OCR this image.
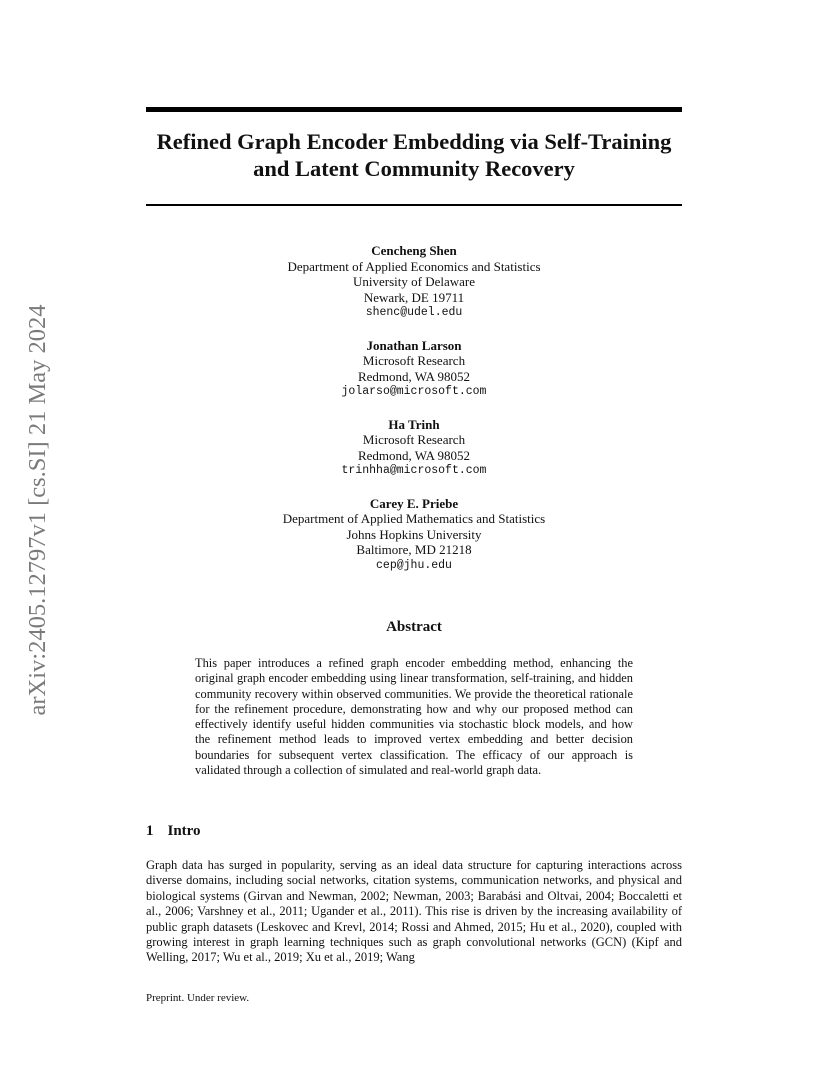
arXiv:2405.12797v1 [cs.SI] 21 May 2024
Refined Graph Encoder Embedding via Self-Training
and Latent Community Recovery
Cencheng Shen
Department of Applied Economics and Statistics
University of Delaware
Newark, DE 19711
shenc@udel.edu
Jonathan Larson
Microsoft Research
Redmond, WA 98052
jolarso@microsoft.com
Ha Trinh
Microsoft Research
Redmond, WA 98052
trinhha@microsoft.com
Carey E. Priebe
Department of Applied Mathematics and Statistics
Johns Hopkins University
Baltimore, MD 21218
cep@jhu.edu
Abstract

This paper introduces a refined graph encoder embedding method, enhancing the original graph encoder embedding using linear transformation, self-training, and hidden community recovery within observed communities. We provide the theoretical rationale for the refinement procedure, demonstrating how and why our proposed method can effectively identify useful hidden communities via stochastic block models, and how the refinement method leads to improved vertex embedding and better decision boundaries for subsequent vertex classification. The efficacy of our approach is validated through a collection of simulated and real-world graph data.

1 Intro

Graph data has surged in popularity, serving as an ideal data structure for capturing interactions across diverse domains, including social networks, citation systems, communication networks, and physical and biological systems (Girvan and Newman, 2002; Newman, 2003; Barabási and Oltvai, 2004; Boccaletti et al., 2006; Varshney et al., 2011; Ugander et al., 2011). This rise is driven by the increasing availability of public graph datasets (Leskovec and Krevl, 2014; Rossi and Ahmed, 2015; Hu et al., 2020), coupled with growing interest in graph learning techniques such as graph convolutional networks (GCN) (Kipf and Welling, 2017; Wu et al., 2019; Xu et al., 2019; Wang

Preprint. Under review.
